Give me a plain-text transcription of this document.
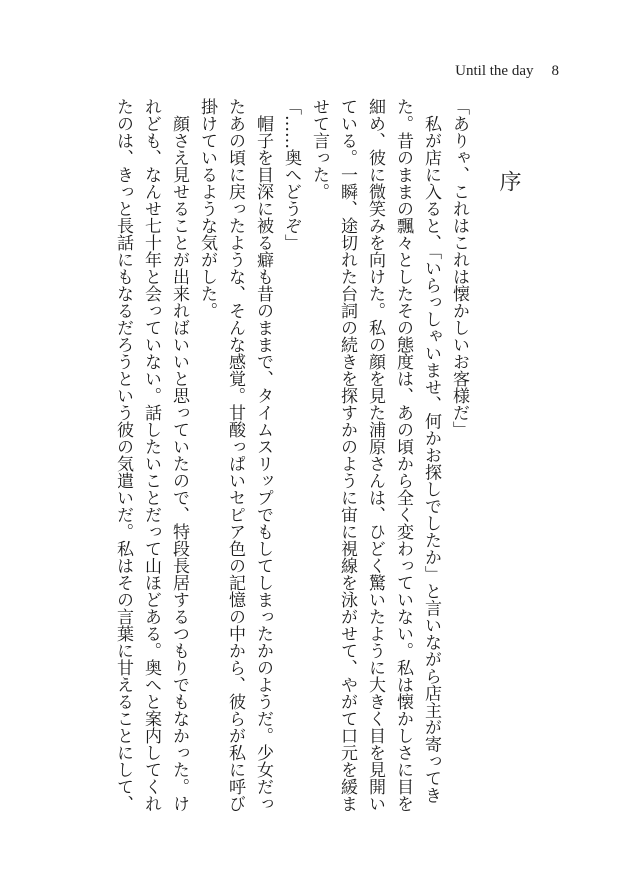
Until the day 8
序

「ありゃ、これはこれは懐かしいお客様だ」

　私が店に入ると、「いらっしゃいませ、何かお探しでしたか」と言いながら店主が寄ってきた。昔のままの飄々としたその態度は、あの頃から全く変わっていない。私は懐かしさに目を細め、彼に微笑みを向けた。私の顔を見た浦原さんは、ひどく驚いたように大きく目を見開いている。一瞬、途切れた台詞の続きを探すかのように宙に視線を泳がせて、やがて口元を緩ませて言った。

「……奥へどうぞ」

　帽子を目深に被る癖も昔のままで、タイムスリップでもしてしまったかのようだ。少女だったあの頃に戻ったような、そんな感覚。甘酸っぱいセピア色の記憶の中から、彼らが私に呼び掛けているような気がした。

　顔さえ見せることが出来ればいいと思っていたので、特段長居するつもりでもなかった。けれども、なんせ七十年と会っていない。話したいことだって山ほどある。奥へと案内してくれたのは、きっと長話にもなるだろうという彼の気遣いだ。私はその言葉に甘えることにして、
